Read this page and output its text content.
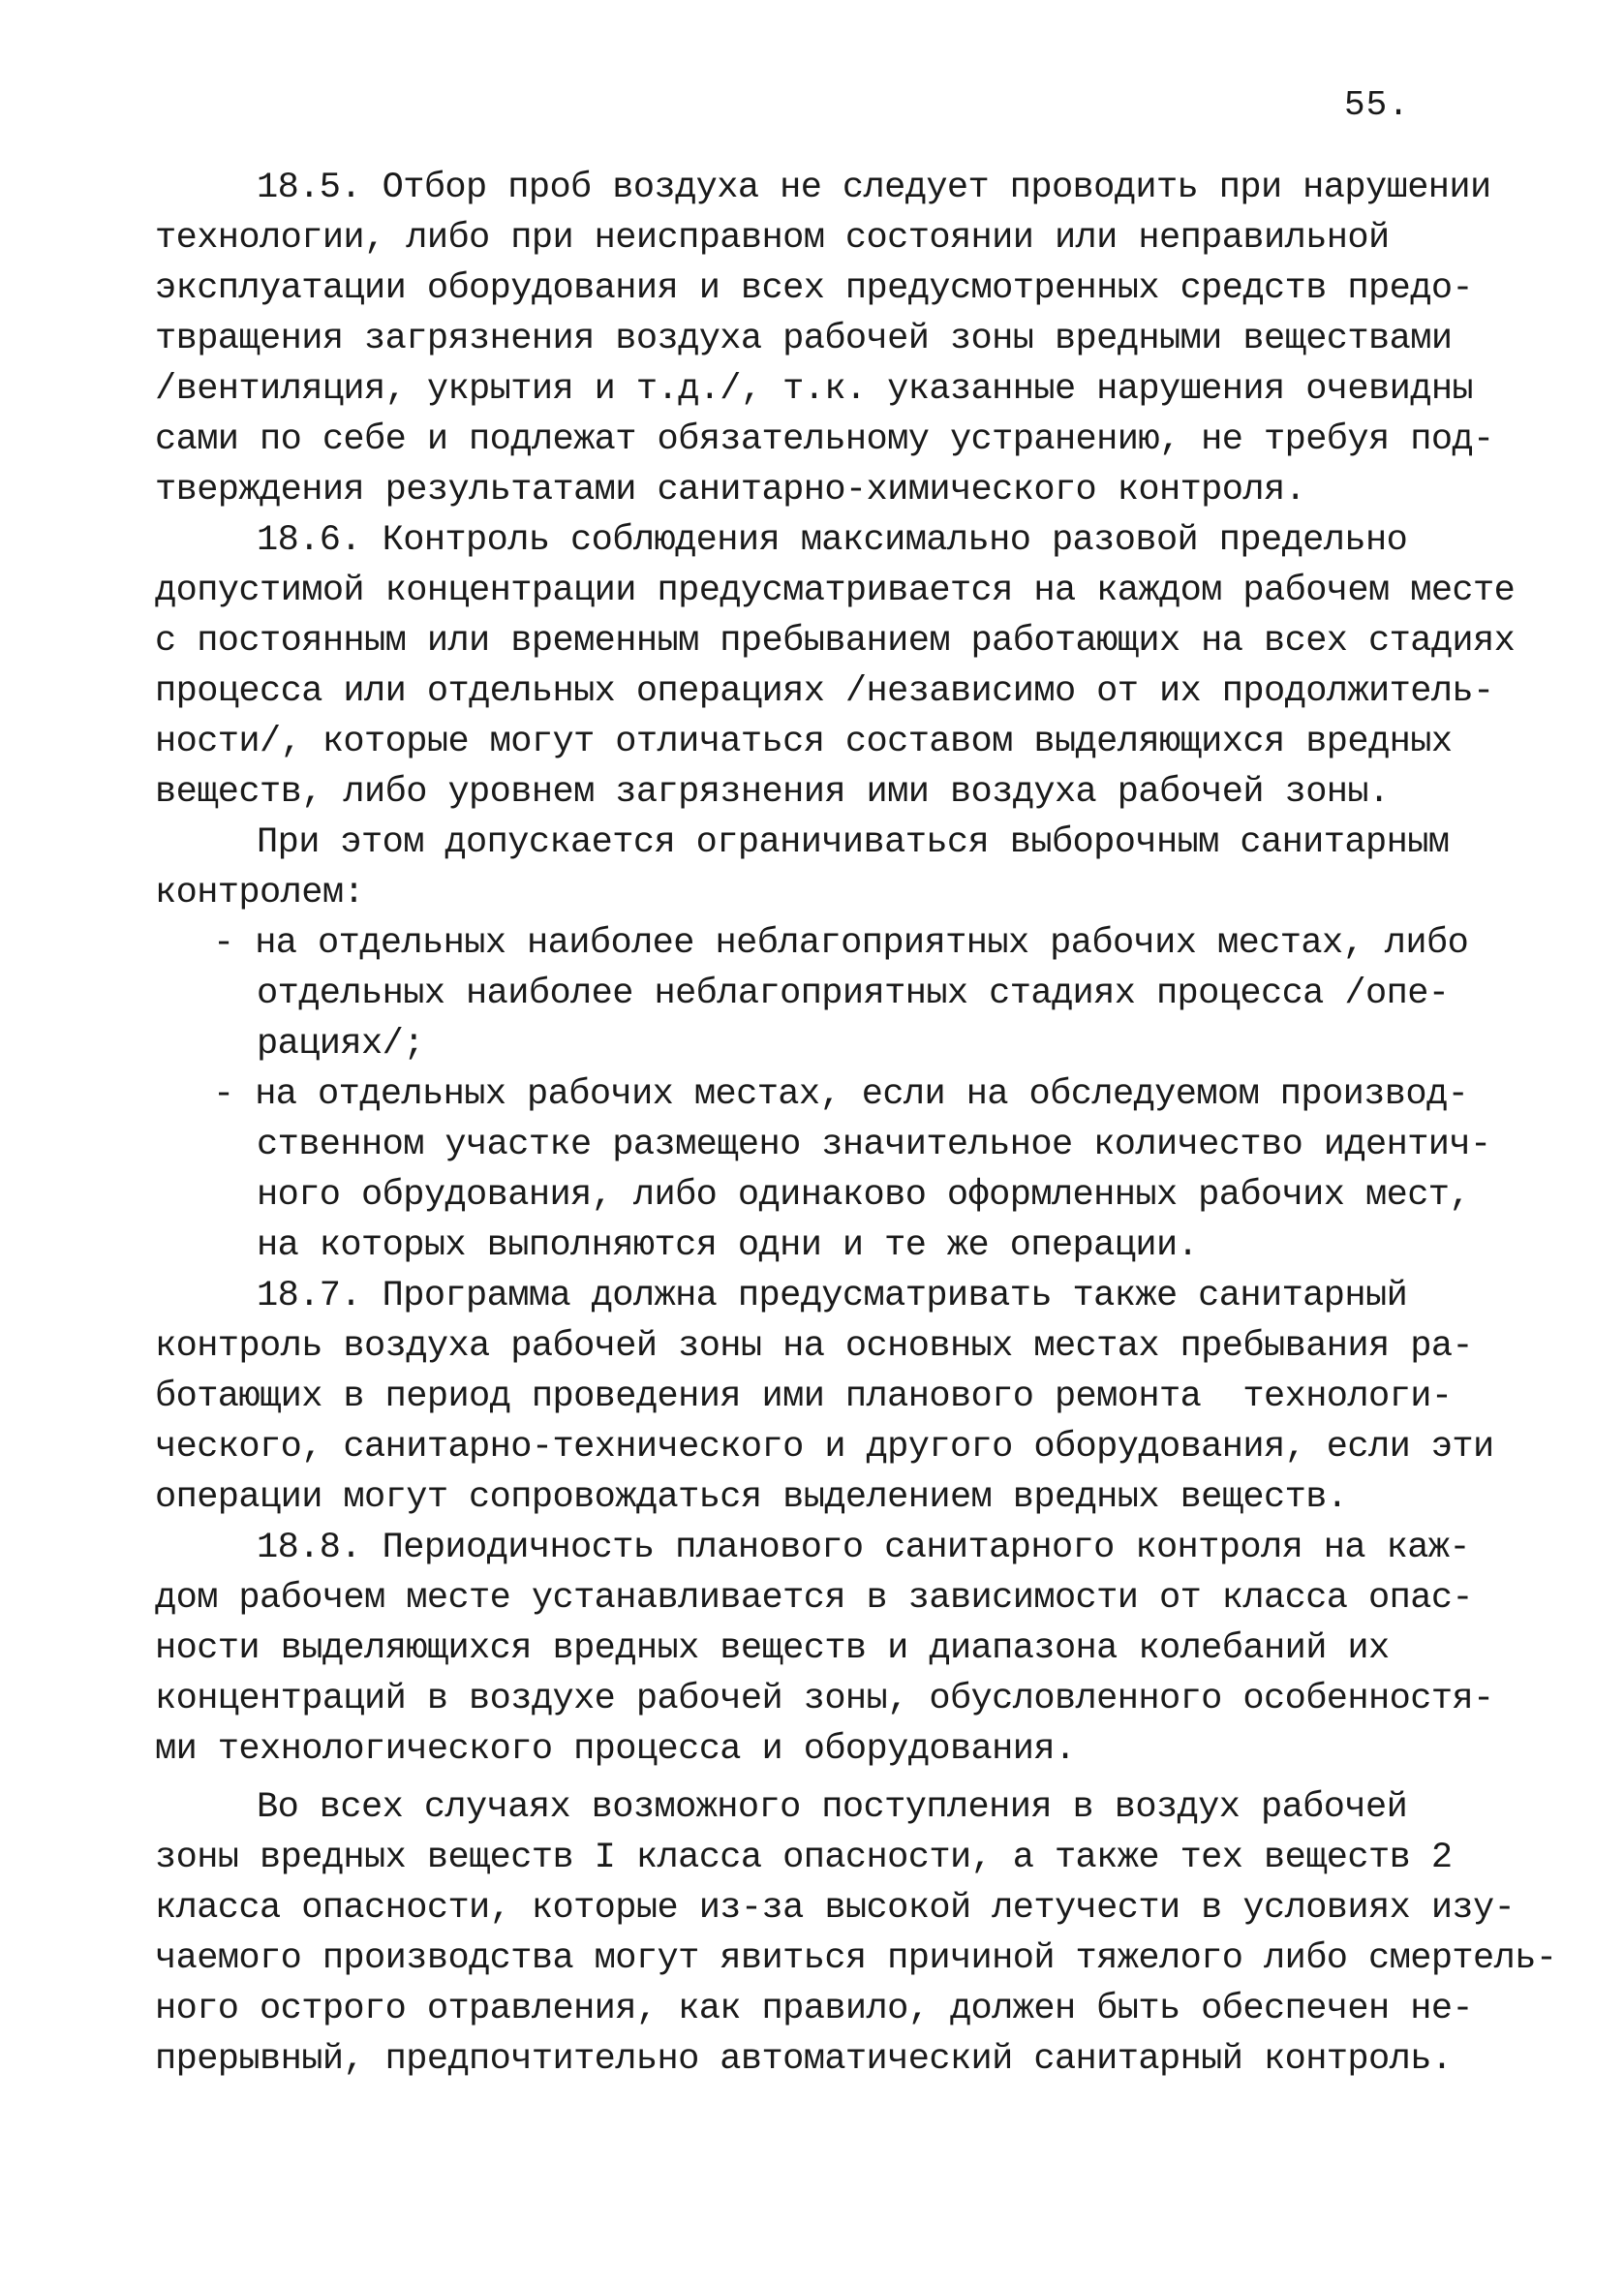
55.
18.5. Отбор проб воздуха не следует проводить при нарушении
технологии, либо при неисправном состоянии или неправильной
эксплуатации оборудования и всех предусмотренных средств предо-
твращения загрязнения воздуха рабочей зоны вредными веществами
/вентиляция, укрытия и т.д./, т.к. указанные нарушения очевидны
сами по себе и подлежат обязательному устранению, не требуя под-
тверждения результатами санитарно-химического контроля.
18.6. Контроль соблюдения максимально разовой предельно
допустимой концентрации предусматривается на каждом рабочем месте
с постоянным или временным пребыванием работающих на всех стадиях
процесса или отдельных операциях /независимо от их продолжитель-
ности/, которые могут отличаться составом выделяющихся вредных
веществ, либо уровнем загрязнения ими воздуха рабочей зоны.
При этом допускается ограничиваться выборочным санитарным
контролем:
- на отдельных наиболее неблагоприятных рабочих местах, либо
отдельных наиболее неблагоприятных стадиях процесса /опе-
рациях/;
- на отдельных рабочих местах, если на обследуемом производ-
ственном участке размещено значительное количество идентич-
ного обрудования, либо одинаково оформленных рабочих мест,
на которых выполняются одни и те же операции.
18.7. Программа должна предусматривать также санитарный
контроль воздуха рабочей зоны на основных местах пребывания ра-
ботающих в период проведения ими планового ремонта  технологи-
ческого, санитарно-технического и другого оборудования, если эти
операции могут сопровождаться выделением вредных веществ.
18.8. Периодичность планового санитарного контроля на каж-
дом рабочем месте устанавливается в зависимости от класса опас-
ности выделяющихся вредных веществ и диапазона колебаний их
концентраций в воздухе рабочей зоны, обусловленного особенностя-
ми технологического процесса и оборудования.
Во всех случаях возможного поступления в воздух рабочей
зоны вредных веществ I класса опасности, а также тех веществ 2
класса опасности, которые из-за высокой летучести в условиях изу-
чаемого производства могут явиться причиной тяжелого либо смертель-
ного острого отравления, как правило, должен быть обеспечен не-
прерывный, предпочтительно автоматический санитарный контроль.
